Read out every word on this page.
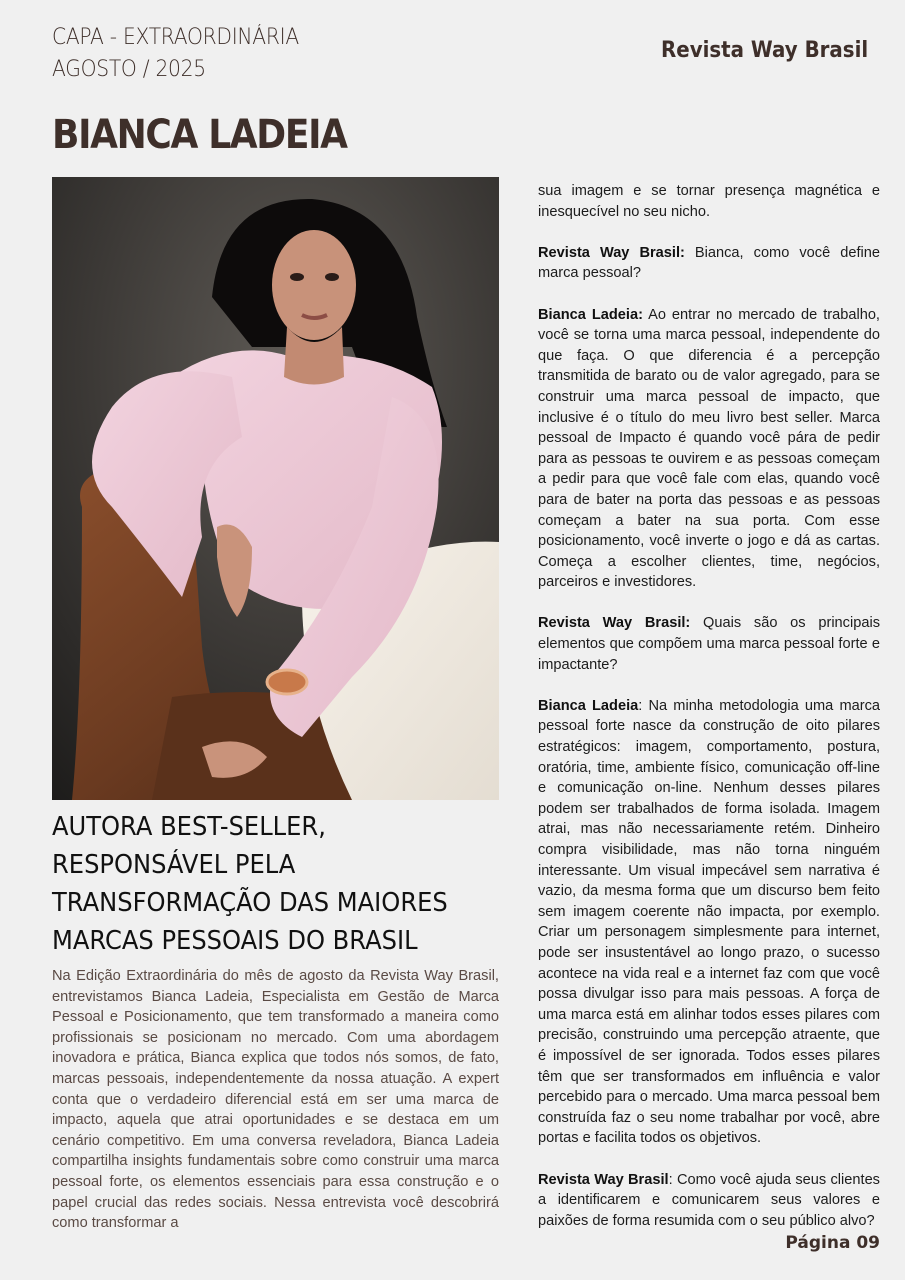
CAPA - EXTRAORDINÁRIA
AGOSTO / 2025
Revista Way Brasil
BIANCA LADEIA
AUTORA BEST-SELLER,
RESPONSÁVEL PELA
TRANSFORMAÇÃO DAS MAIORES
MARCAS PESSOAIS DO BRASIL
Na Edição Extraordinária do mês de agosto da Revista Way Brasil, entrevistamos Bianca Ladeia, Especialista em Gestão de Marca Pessoal e Posicionamento, que tem transformado a maneira como profissionais se posicionam no mercado. Com uma abordagem inovadora e prática, Bianca explica que todos nós somos, de fato, marcas pessoais, independentemente da nossa atuação. A expert conta que o verdadeiro diferencial está em ser uma marca de impacto, aquela que atrai oportunidades e se destaca em um cenário competitivo. Em uma conversa reveladora, Bianca Ladeia compartilha insights fundamentais sobre como construir uma marca pessoal forte, os elementos essenciais para essa construção e o papel crucial das redes sociais. Nessa entrevista você descobrirá como transformar a

sua imagem e se tornar presença magnética e inesquecível no seu nicho.

Revista Way Brasil: Bianca, como você define marca pessoal?

Bianca Ladeia: Ao entrar no mercado de trabalho, você se torna uma marca pessoal, independente do que faça. O que diferencia é a percepção transmitida de barato ou de valor agregado, para se construir uma marca pessoal de impacto, que inclusive é o título do meu livro best seller. Marca pessoal de Impacto é quando você pára de pedir para as pessoas te ouvirem e as pessoas começam a pedir para que você fale com elas, quando você para de bater na porta das pessoas e as pessoas começam a bater na sua porta. Com esse posicionamento, você inverte o jogo e dá as cartas. Começa a escolher clientes, time, negócios, parceiros e investidores.

Revista Way Brasil: Quais são os principais elementos que compõem uma marca pessoal forte e impactante?

Bianca Ladeia: Na minha metodologia uma marca pessoal forte nasce da construção de oito pilares estratégicos: imagem, comportamento, postura, oratória, time, ambiente físico, comunicação off-line e comunicação on-line. Nenhum desses pilares podem ser trabalhados de forma isolada. Imagem atrai, mas não necessariamente retém. Dinheiro compra visibilidade, mas não torna ninguém interessante. Um visual impecável sem narrativa é vazio, da mesma forma que um discurso bem feito sem imagem coerente não impacta, por exemplo. Criar um personagem simplesmente para internet, pode ser insustentável ao longo prazo, o sucesso acontece na vida real e a internet faz com que você possa divulgar isso para mais pessoas. A força de uma marca está em alinhar todos esses pilares com precisão, construindo uma percepção atraente, que é impossível de ser ignorada. Todos esses pilares têm que ser transformados em influência e valor percebido para o mercado. Uma marca pessoal bem construída faz o seu nome trabalhar por você, abre portas e facilita todos os objetivos.

Revista Way Brasil: Como você ajuda seus clientes a identificarem e comunicarem seus valores e paixões de forma resumida com o seu público alvo?

Página 09
